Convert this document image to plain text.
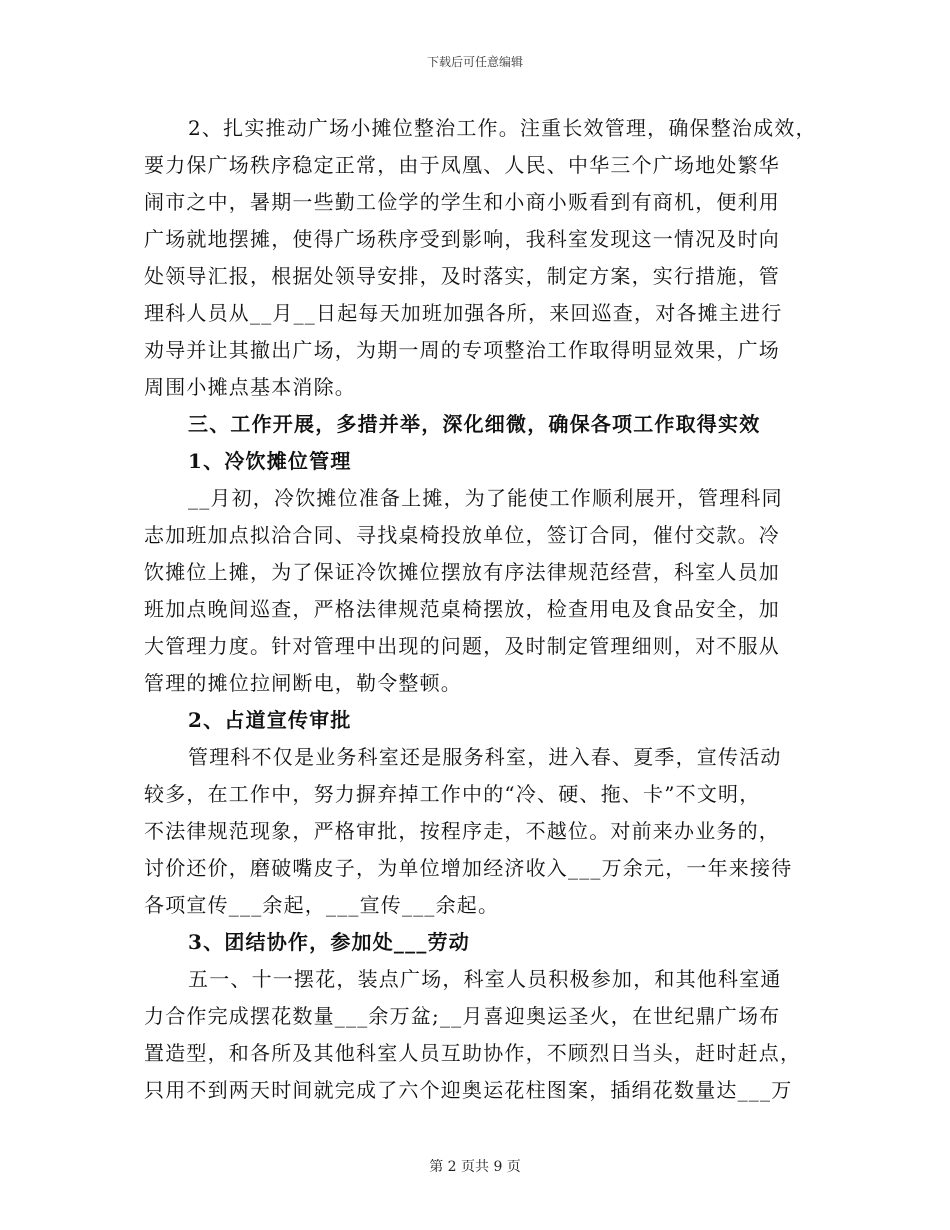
下载后可任意编辑
2、扎实推动广场小摊位整治工作。注重长效管理，确保整治成效，
要力保广场秩序稳定正常，由于凤凰、人民、中华三个广场地处繁华
闹市之中，暑期一些勤工俭学的学生和小商小贩看到有商机，便利用
广场就地摆摊，使得广场秩序受到影响，我科室发现这一情况及时向
处领导汇报，根据处领导安排，及时落实，制定方案，实行措施，管
理科人员从__月__日起每天加班加强各所，来回巡查，对各摊主进行
劝导并让其撤出广场，为期一周的专项整治工作取得明显效果，广场
周围小摊点基本消除。
三、工作开展，多措并举，深化细微，确保各项工作取得实效
1、冷饮摊位管理
__月初，冷饮摊位准备上摊，为了能使工作顺利展开，管理科同
志加班加点拟洽合同、寻找桌椅投放单位，签订合同，催付交款。冷
饮摊位上摊，为了保证冷饮摊位摆放有序法律规范经营，科室人员加
班加点晚间巡查，严格法律规范桌椅摆放，检查用电及食品安全，加
大管理力度。针对管理中出现的问题，及时制定管理细则，对不服从
管理的摊位拉闸断电，勒令整顿。
2、占道宣传审批
管理科不仅是业务科室还是服务科室，进入春、夏季，宣传活动
较多，在工作中，努力摒弃掉工作中的“冷、硬、拖、卡”不文明，
不法律规范现象，严格审批，按程序走，不越位。对前来办业务的，
讨价还价，磨破嘴皮子，为单位增加经济收入___万余元，一年来接待
各项宣传___余起，___宣传___余起。
3、团结协作，参加处___劳动
五一、十一摆花，装点广场，科室人员积极参加，和其他科室通
力合作完成摆花数量___余万盆;__月喜迎奥运圣火，在世纪鼎广场布
置造型，和各所及其他科室人员互助协作，不顾烈日当头，赶时赶点，
只用不到两天时间就完成了六个迎奥运花柱图案，插绢花数量达___万
第 2 页共 9 页
